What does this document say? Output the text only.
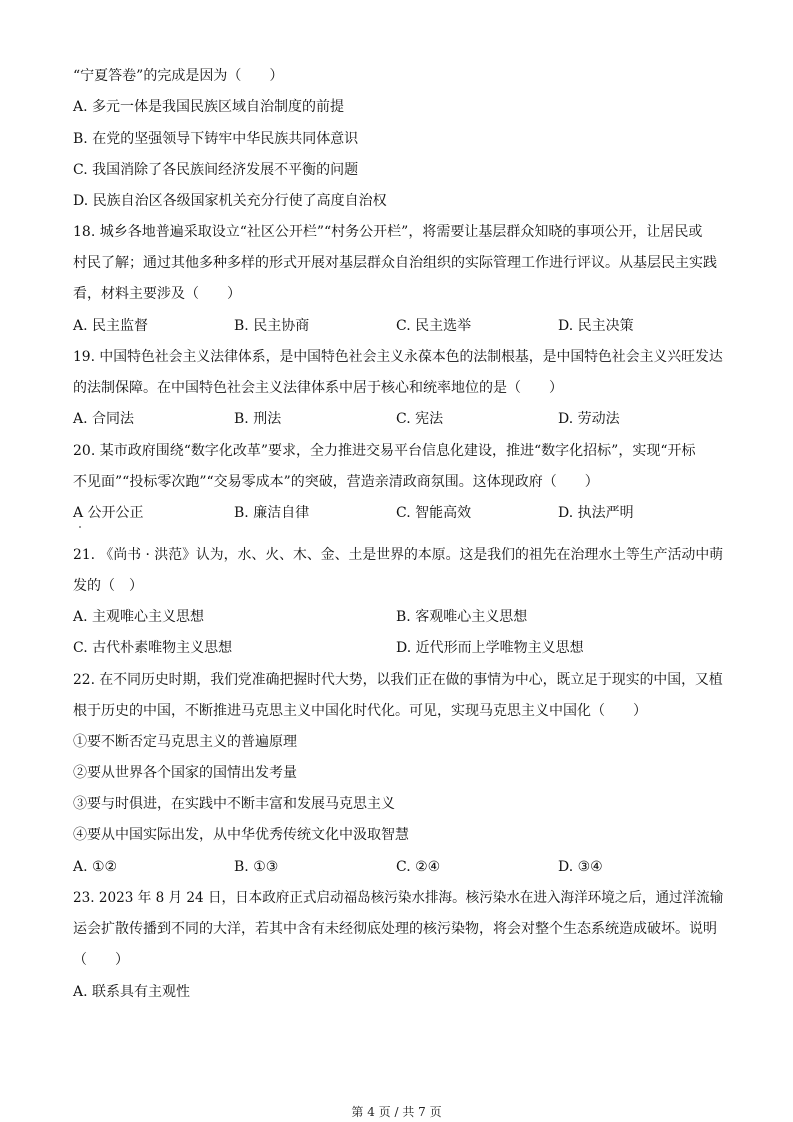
“宁夏答卷”的完成是因为（　　）
A. 多元一体是我国民族区域自治制度的前提
B. 在党的坚强领导下铸牢中华民族共同体意识
C. 我国消除了各民族间经济发展不平衡的问题
D. 民族自治区各级国家机关充分行使了高度自治权
18. 城乡各地普遍采取设立“社区公开栏”“村务公开栏”，将需要让基层群众知晓的事项公开，让居民或
村民了解；通过其他多种多样的形式开展对基层群众自治组织的实际管理工作进行评议。从基层民主实践
看，材料主要涉及（　　）
A. 民主监督	B. 民主协商	C. 民主选举	D. 民主决策
19. 中国特色社会主义法律体系，是中国特色社会主义永葆本色的法制根基，是中国特色社会主义兴旺发达
的法制保障。在中国特色社会主义法律体系中居于核心和统率地位的是（　　）
A. 合同法	B. 刑法	C. 宪法	D. 劳动法
20. 某市政府围绕“数字化改革”要求，全力推进交易平台信息化建设，推进“数字化招标”，实现“开标
不见面”“投标零次跑”“交易零成本”的突破，营造亲清政商氛围。这体现政府（　　）
A 公开公正	B. 廉洁自律	C. 智能高效	D. 执法严明
21. 《尚书 · 洪范》认为，水、火、木、金、土是世界的本原。这是我们的祖先在治理水土等生产活动中萌
发的（　）
A. 主观唯心主义思想	B. 客观唯心主义思想
C. 古代朴素唯物主义思想	D. 近代形而上学唯物主义思想
22. 在不同历史时期，我们党准确把握时代大势，以我们正在做的事情为中心，既立足于现实的中国，又植
根于历史的中国，不断推进马克思主义中国化时代化。可见，实现马克思主义中国化（　　）
①要不断否定马克思主义的普遍原理
②要从世界各个国家的国情出发考量
③要与时俱进，在实践中不断丰富和发展马克思主义
④要从中国实际出发，从中华优秀传统文化中汲取智慧
A. ①②	B. ①③	C. ②④	D. ③④
23. 2023 年 8 月 24 日，日本政府正式启动福岛核污染水排海。核污染水在进入海洋环境之后，通过洋流输
运会扩散传播到不同的大洋，若其中含有未经彻底处理的核污染物，将会对整个生态系统造成破坏。说明
（　　）
A. 联系具有主观性
第 4 页 / 共 7 页
